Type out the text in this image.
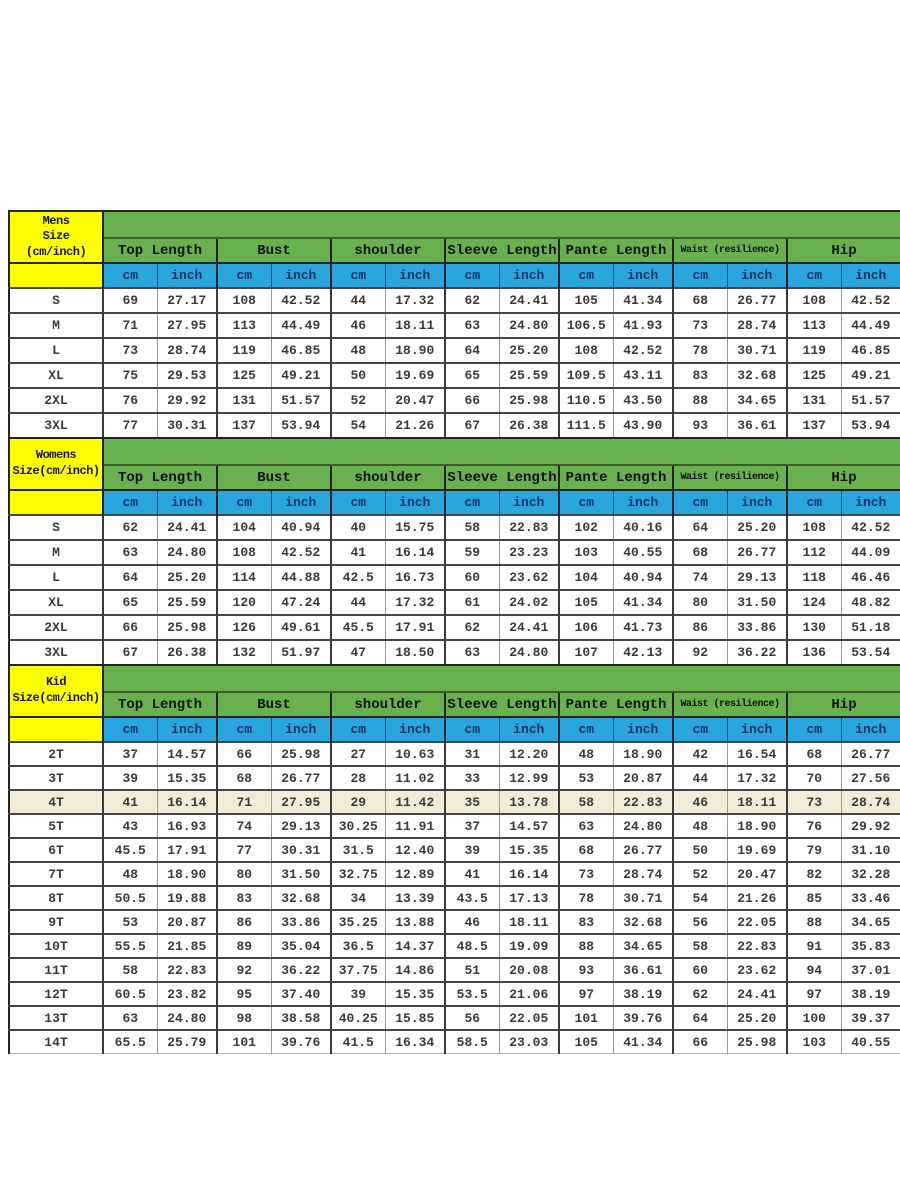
Mens
Size
(cm/inch)														

	Top Length		Bust		shoulder		Sleeve Length		Pante Length		Waist (resilience)		Hip	
	cm	inch	cm	inch	cm	inch	cm	inch	cm	inch	cm	inch	cm	inch
S	69	27.17	108	42.52	44	17.32	62	24.41	105	41.34	68	26.77	108	42.52
M	71	27.95	113	44.49	46	18.11	63	24.80	106.5	41.93	73	28.74	113	44.49
L	73	28.74	119	46.85	48	18.90	64	25.20	108	42.52	78	30.71	119	46.85
XL	75	29.53	125	49.21	50	19.69	65	25.59	109.5	43.11	83	32.68	125	49.21
2XL	76	29.92	131	51.57	52	20.47	66	25.98	110.5	43.50	88	34.65	131	51.57
3XL	77	30.31	137	53.94	54	21.26	67	26.38	111.5	43.90	93	36.61	137	53.94
Womens
Size(cm/inch)														

	Top Length		Bust		shoulder		Sleeve Length		Pante Length		Waist (resilience)		Hip	
	cm	inch	cm	inch	cm	inch	cm	inch	cm	inch	cm	inch	cm	inch
S	62	24.41	104	40.94	40	15.75	58	22.83	102	40.16	64	25.20	108	42.52
M	63	24.80	108	42.52	41	16.14	59	23.23	103	40.55	68	26.77	112	44.09
L	64	25.20	114	44.88	42.5	16.73	60	23.62	104	40.94	74	29.13	118	46.46
XL	65	25.59	120	47.24	44	17.32	61	24.02	105	41.34	80	31.50	124	48.82
2XL	66	25.98	126	49.61	45.5	17.91	62	24.41	106	41.73	86	33.86	130	51.18
3XL	67	26.38	132	51.97	47	18.50	63	24.80	107	42.13	92	36.22	136	53.54
Kid
Size(cm/inch)														

	Top Length		Bust		shoulder		Sleeve Length		Pante Length		Waist (resilience)		Hip	
	cm	inch	cm	inch	cm	inch	cm	inch	cm	inch	cm	inch	cm	inch
2T	37	14.57	66	25.98	27	10.63	31	12.20	48	18.90	42	16.54	68	26.77
3T	39	15.35	68	26.77	28	11.02	33	12.99	53	20.87	44	17.32	70	27.56
4T	41	16.14	71	27.95	29	11.42	35	13.78	58	22.83	46	18.11	73	28.74
5T	43	16.93	74	29.13	30.25	11.91	37	14.57	63	24.80	48	18.90	76	29.92
6T	45.5	17.91	77	30.31	31.5	12.40	39	15.35	68	26.77	50	19.69	79	31.10
7T	48	18.90	80	31.50	32.75	12.89	41	16.14	73	28.74	52	20.47	82	32.28
8T	50.5	19.88	83	32.68	34	13.39	43.5	17.13	78	30.71	54	21.26	85	33.46
9T	53	20.87	86	33.86	35.25	13.88	46	18.11	83	32.68	56	22.05	88	34.65
10T	55.5	21.85	89	35.04	36.5	14.37	48.5	19.09	88	34.65	58	22.83	91	35.83
11T	58	22.83	92	36.22	37.75	14.86	51	20.08	93	36.61	60	23.62	94	37.01
12T	60.5	23.82	95	37.40	39	15.35	53.5	21.06	97	38.19	62	24.41	97	38.19
13T	63	24.80	98	38.58	40.25	15.85	56	22.05	101	39.76	64	25.20	100	39.37
14T	65.5	25.79	101	39.76	41.5	16.34	58.5	23.03	105	41.34	66	25.98	103	40.55
